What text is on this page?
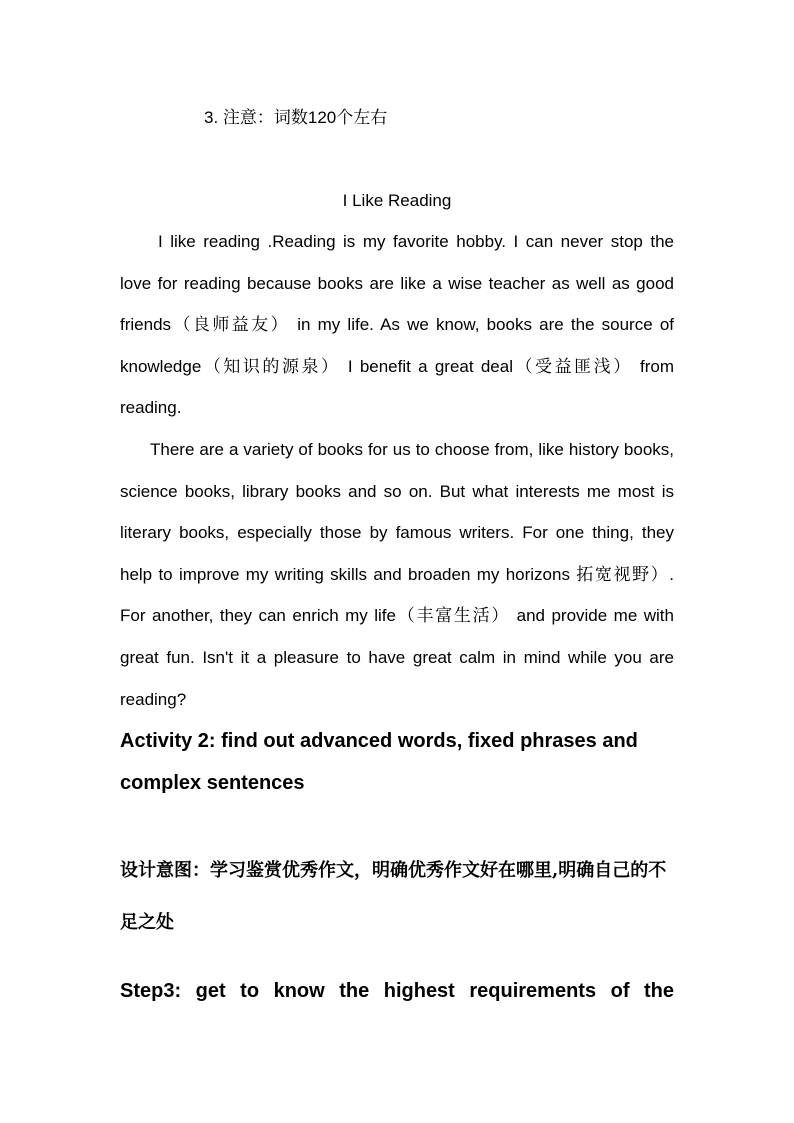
3. 注意：词数120个左右
I Like Reading

I like reading .Reading is my favorite hobby. I can never stop the love for reading because books are like a wise teacher as well as good friends（良师益友） in my life. As we know, books are the source of knowledge（知识的源泉） I benefit a great deal（受益匪浅） from reading.

There are a variety of books for us to choose from, like history books, science books, library books and so on. But what interests me most is literary books, especially those by famous writers. For one thing, they help to improve my writing skills and broaden my horizons 拓宽视野）. For another, they can enrich my life（丰富生活） and provide me with great fun. Isn't it a pleasure to have great calm in mind while you are reading?

Activity 2: find out advanced words, fixed phrases and complex sentences

设计意图：学习鉴赏优秀作文，明确优秀作文好在哪里,明确自己的不足之处

Step3: get to know the highest requirements of the
